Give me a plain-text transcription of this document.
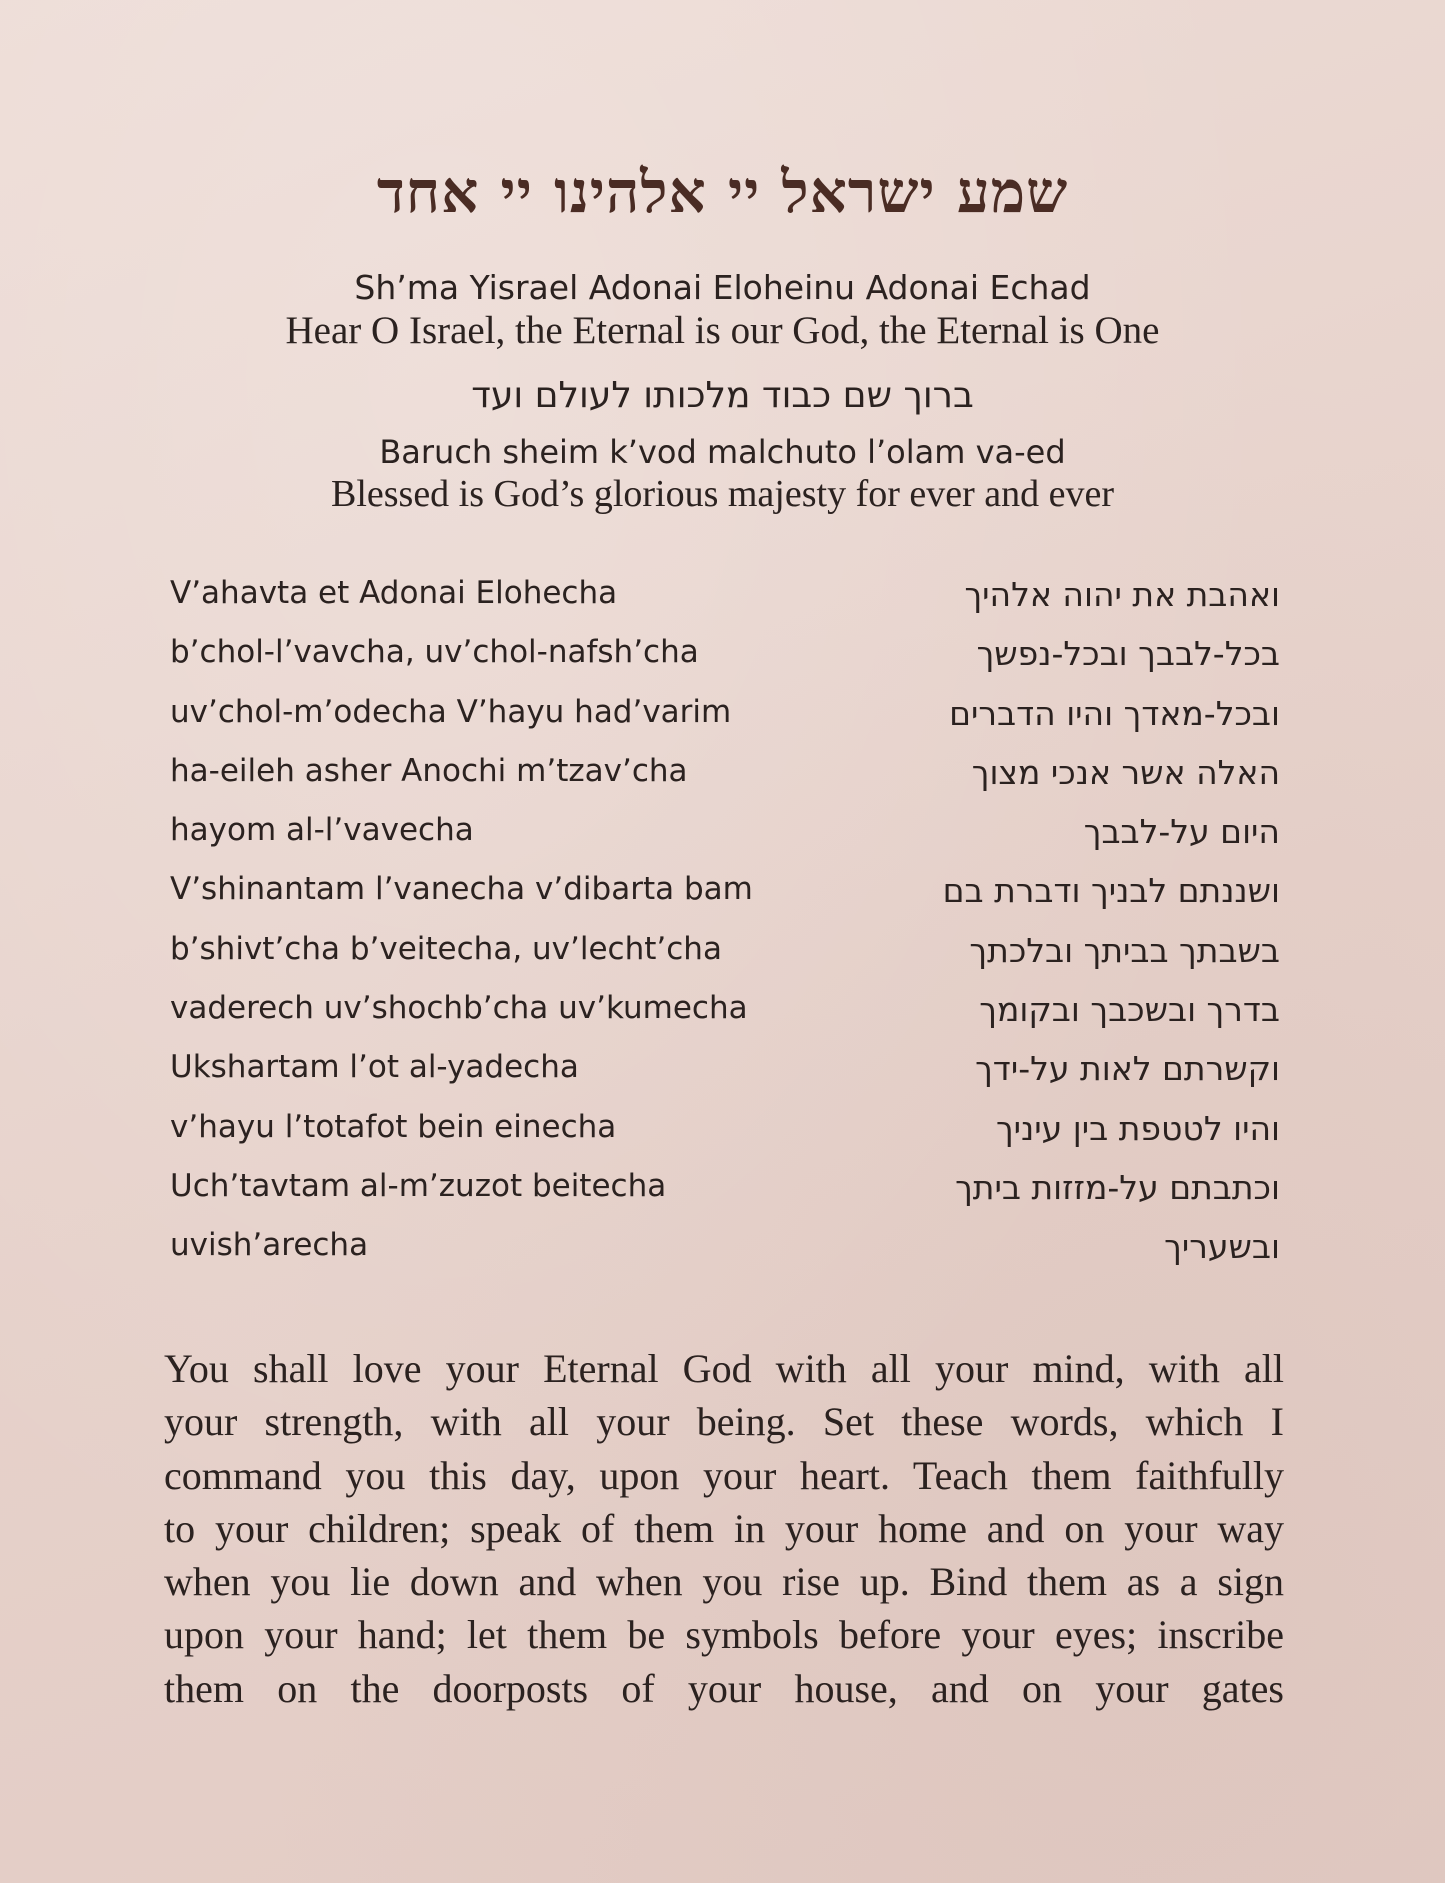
שמע ישראל יי אלהינו יי אחד
Sh’ma Yisrael Adonai Eloheinu Adonai Echad
Hear O Israel, the Eternal is our God, the Eternal is One
ברוך שם כבוד מלכותו לעולם ועד
Baruch sheim k’vod malchuto l’olam va-ed
Blessed is God’s glorious majesty for ever and ever
V’ahavta et Adonai Elohecha	ואהבת את יהוה אלהיך
b’chol-l’vavcha, uv’chol-nafsh’cha	בכל-לבבך ובכל-נפשך
uv’chol-m’odecha V’hayu had’varim	ובכל-מאדך והיו הדברים
ha-eileh asher Anochi m’tzav’cha	האלה אשר אנכי מצוך
hayom al-l’vavecha	היום על-לבבך
V’shinantam l’vanecha v’dibarta bam	ושננתם לבניך ודברת בם
b’shivt’cha b’veitecha, uv’lecht’cha	בשבתך בביתך ובלכתך
vaderech uv’shochb’cha uv’kumecha	בדרך ובשכבך ובקומך
Ukshartam l’ot al-yadecha	וקשרתם לאות על-ידך
v’hayu l’totafot bein einecha	והיו לטטפת בין עיניך
Uch’tavtam al-m’zuzot beitecha	וכתבתם על-מזזות ביתך
uvish’arecha	ובשעריך
You shall love your Eternal God with all your mind, with all
your strength, with all your being. Set these words, which I
command you this day, upon your heart. Teach them faithfully
to your children; speak of them in your home and on your way
when you lie down and when you rise up. Bind them as a sign
upon your hand; let them be symbols before your eyes; inscribe
them on the doorposts of your house, and on your gates
